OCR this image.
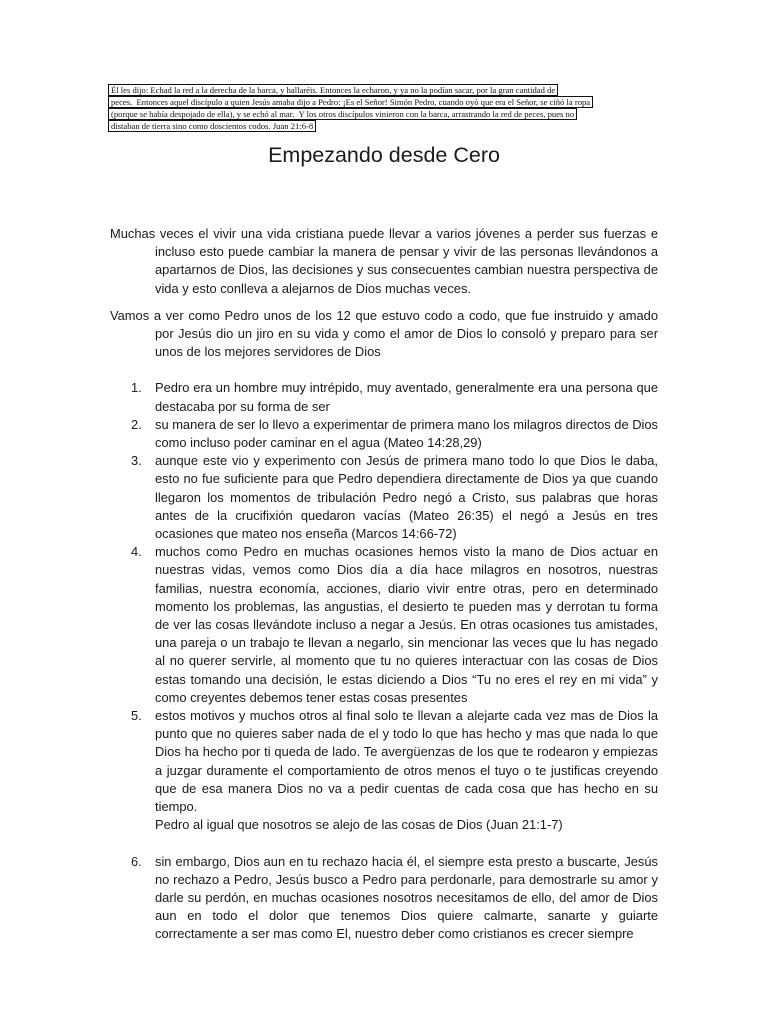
Él les dijo: Echad la red a la derecha de la barca, y hallaréis. Entonces la echaron, y ya no la podían sacar, por la gran cantidad de
peces.  Entonces aquel discípulo a quien Jesús amaba dijo a Pedro: ¡Es el Señor! Simón Pedro, cuando oyó que era el Señor, se ciñó la ropa
(porque se había despojado de ella), y se echó al mar.  Y los otros discípulos vinieron con la barca, arrastrando la red de peces, pues no
distaban de tierra sino como doscientos codos. Juan 21:6-8
Empezando desde Cero

Muchas veces el vivir una vida cristiana puede llevar a varios jóvenes a perder sus fuerzas e incluso esto puede cambiar la manera de pensar y vivir de las personas llevándonos a apartarnos de Dios, las decisiones y sus consecuentes cambian nuestra perspectiva de vida y esto conlleva a alejarnos de Dios muchas veces.

Vamos a ver como Pedro unos de los 12 que estuvo codo a codo, que fue instruido y amado por Jesús dio un jiro en su vida y como el amor de Dios lo consoló y preparo para ser unos de los mejores servidores de Dios

1.	Pedro era un hombre muy intrépido, muy aventado, generalmente era una persona que destacaba por su forma de ser

2.	su manera de ser lo llevo a experimentar de primera mano los milagros directos de Dios como incluso poder caminar en el agua (Mateo 14:28,29)

3.	aunque este vio y experimento con Jesús de primera mano todo lo que Dios le daba, esto no fue suficiente para que Pedro dependiera directamente de Dios ya que cuando llegaron los momentos de tribulación Pedro negó a Cristo, sus palabras que horas antes de la crucifixión quedaron vacías (Mateo 26:35) el negó a Jesús en tres ocasiones que mateo nos enseña (Marcos 14:66-72)

4.	muchos como Pedro en muchas ocasiones hemos visto la mano de Dios actuar en nuestras vidas, vemos como Dios día a día hace milagros en nosotros, nuestras familias, nuestra economía, acciones, diario vivir entre otras, pero en determinado momento los problemas, las angustias, el desierto te pueden mas y derrotan tu forma de ver las cosas llevándote incluso a negar a Jesús. En otras ocasiones tus amistades, una pareja o un trabajo te llevan a negarlo, sin mencionar las veces que lu has negado al no querer servirle, al momento que tu no quieres interactuar con las cosas de Dios estas tomando una decisión, le estas diciendo a Dios “Tu no eres el rey en mi vida” y como creyentes debemos tener estas cosas presentes

5.	estos motivos y muchos otros al final solo te llevan a alejarte cada vez mas de Dios la punto que no quieres saber nada de el y todo lo que has hecho y mas que nada lo que Dios ha hecho por ti queda de lado. Te avergüenzas de los que te rodearon y empiezas a juzgar duramente el comportamiento de otros menos el tuyo o te justificas creyendo que de esa manera Dios no va a pedir cuentas de cada cosa que has hecho en su tiempo.

Pedro al igual que nosotros se alejo de las cosas de Dios (Juan 21:1-7)

6.	sin embargo, Dios aun en tu rechazo hacia él, el siempre esta presto a buscarte, Jesús no rechazo a Pedro, Jesús busco a Pedro para perdonarle, para demostrarle su amor y darle su perdón, en muchas ocasiones nosotros necesitamos de ello, del amor de Dios aun en todo el dolor que tenemos Dios quiere calmarte, sanarte y guiarte correctamente a ser mas como El, nuestro deber como cristianos es crecer siempre
